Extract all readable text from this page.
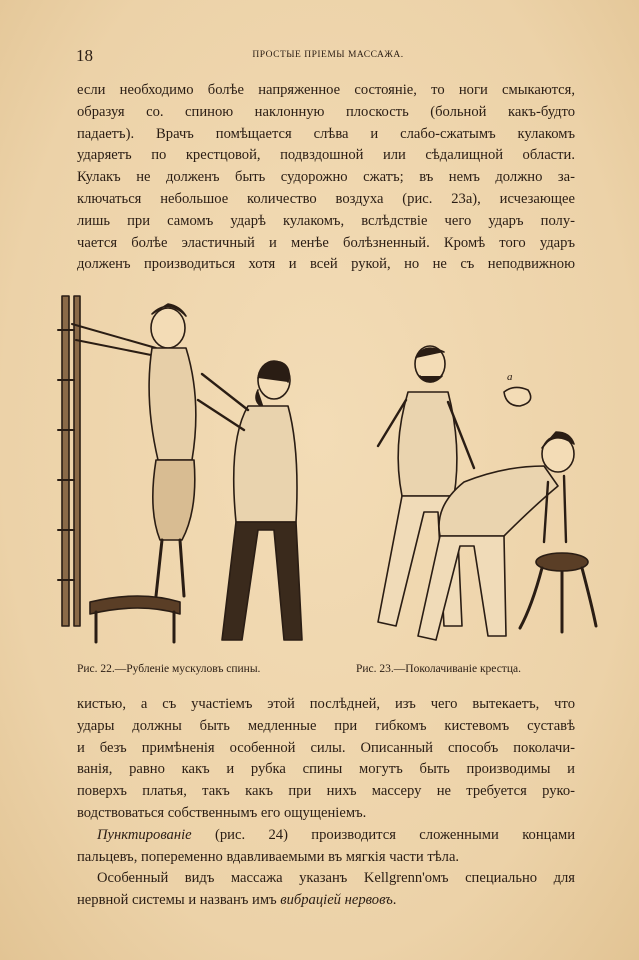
18	ПРОСТЫЕ ПРІЕМЫ МАССАЖА.
если необходимо болѣе напряженное состояніе, то ноги смыкаются,
образуя со. спиною наклонную плоскость (больной какъ-будто
падаетъ). Врачъ помѣщается слѣва и слабо-сжатымъ кулакомъ
ударяетъ по крестцовой, подвздошной или сѣдалищной области.
Кулакъ не долженъ быть судорожно сжатъ; въ немъ должно за-
ключаться небольшое количество воздуха (рис. 23а), исчезающее
лишь при самомъ ударѣ кулакомъ, вслѣдствіе чего ударъ полу-
чается болѣе эластичный и менѣе болѣзненный. Кромѣ того ударъ
долженъ производиться хотя и всей рукой, но не съ неподвижною
a
Рис. 22.—Рубленіе мускуловъ спины.	Рис. 23.—Поколачиваніе крестца.
кистью, а съ участіемъ этой послѣдней, изъ чего вытекаетъ, что
удары должны быть медленные при гибкомъ кистевомъ суставѣ
и безъ примѣненія особенной силы. Описанный способъ поколачи-
ванія, равно какъ и рубка спины могутъ быть производимы и
поверхъ платья, такъ какъ при нихъ массеру не требуется руко-
водствоваться собственнымъ его ощущеніемъ.
Пунктированіе (рис. 24) производится сложенными концами
пальцевъ, попеременно вдавливаемыми въ мягкія части тѣла.
Особенный видъ массажа указанъ Kellgrenn'омъ специально для
нервной системы и названъ имъ вибраціей нервовъ.
